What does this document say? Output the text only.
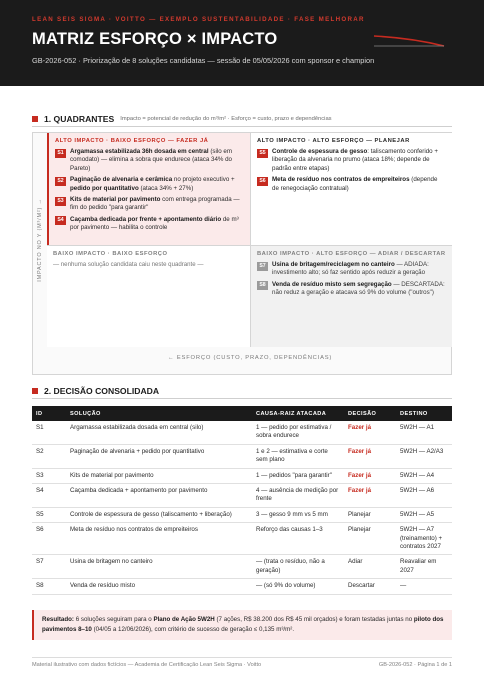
LEAN SEIS SIGMA · VOITTO — EXEMPLO SUSTENTABILIDADE · FASE MELHORAR
MATRIZ ESFORÇO × IMPACTO
GB-2026-052 · Priorização de 8 soluções candidatas — sessão de 05/05/2026 com sponsor e champion
1. QUADRANTES Impacto = potencial de redução do m³/m² · Esforço = custo, prazo e dependências
IMPACTO NO Y (M³/M²) →
ALTO IMPACTO · BAIXO ESFORÇO — FAZER JÁ
S1	Argamassa estabilizada 36h dosada em central (silo em comodato) — elimina a sobra que endurece (ataca 34% do Pareto)
S2	Paginação de alvenaria e cerâmica no projeto executivo + pedido por quantitativo (ataca 34% + 27%)
S3	Kits de material por pavimento com entrega programada — fim do pedido "para garantir"
S4	Caçamba dedicada por frente + apontamento diário de m³ por pavimento — habilita o controle
ALTO IMPACTO · ALTO ESFORÇO — PLANEJAR
S5	Controle de espessura de gesso: taliscamento conferido + liberação da alvenaria no prumo (ataca 18%; depende de padrão entre etapas)
S6	Meta de resíduo nos contratos de empreiteiros (depende de renegociação contratual)
BAIXO IMPACTO · BAIXO ESFORÇO
— nenhuma solução candidata caiu neste quadrante —
BAIXO IMPACTO · ALTO ESFORÇO — ADIAR / DESCARTAR
S7	Usina de britagem/reciclagem no canteiro — ADIADA: investimento alto; só faz sentido após reduzir a geração
S8	Venda de resíduo misto sem segregação — DESCARTADA: não reduz a geração e atacava só 9% do volume ("outros")
← ESFORÇO (CUSTO, PRAZO, DEPENDÊNCIAS)
2. DECISÃO CONSOLIDADA
ID	SOLUÇÃO	CAUSA-RAIZ ATACADA	DECISÃO	DESTINO
S1	Argamassa estabilizada dosada em central (silo)	1 — pedido por estimativa / sobra endurece	Fazer já	5W2H — A1
S2	Paginação de alvenaria + pedido por quantitativo	1 e 2 — estimativa e corte sem plano	Fazer já	5W2H — A2/A3
S3	Kits de material por pavimento	1 — pedidos "para garantir"	Fazer já	5W2H — A4
S4	Caçamba dedicada + apontamento por pavimento	4 — ausência de medição por frente	Fazer já	5W2H — A6
S5	Controle de espessura de gesso (taliscamento + liberação)	3 — gesso 9 mm vs 5 mm	Planejar	5W2H — A5
S6	Meta de resíduo nos contratos de empreiteiros	Reforço das causas 1–3	Planejar	5W2H — A7 (treinamento) + contratos 2027
S7	Usina de britagem no canteiro	— (trata o resíduo, não a geração)	Adiar	Reavaliar em 2027
S8	Venda de resíduo misto	— (só 9% do volume)	Descartar	—
Resultado: 6 soluções seguiram para o Plano de Ação 5W2H (7 ações, R$ 38.200 dos R$ 45 mil orçados) e foram testadas juntas no piloto dos pavimentos 8–10 (04/05 a 12/06/2026), com critério de sucesso de geração ≤ 0,135 m³/m².
Material ilustrativo com dados fictícios — Academia de Certificação Lean Seis Sigma · Voitto	GB-2026-052 · Página 1 de 1
